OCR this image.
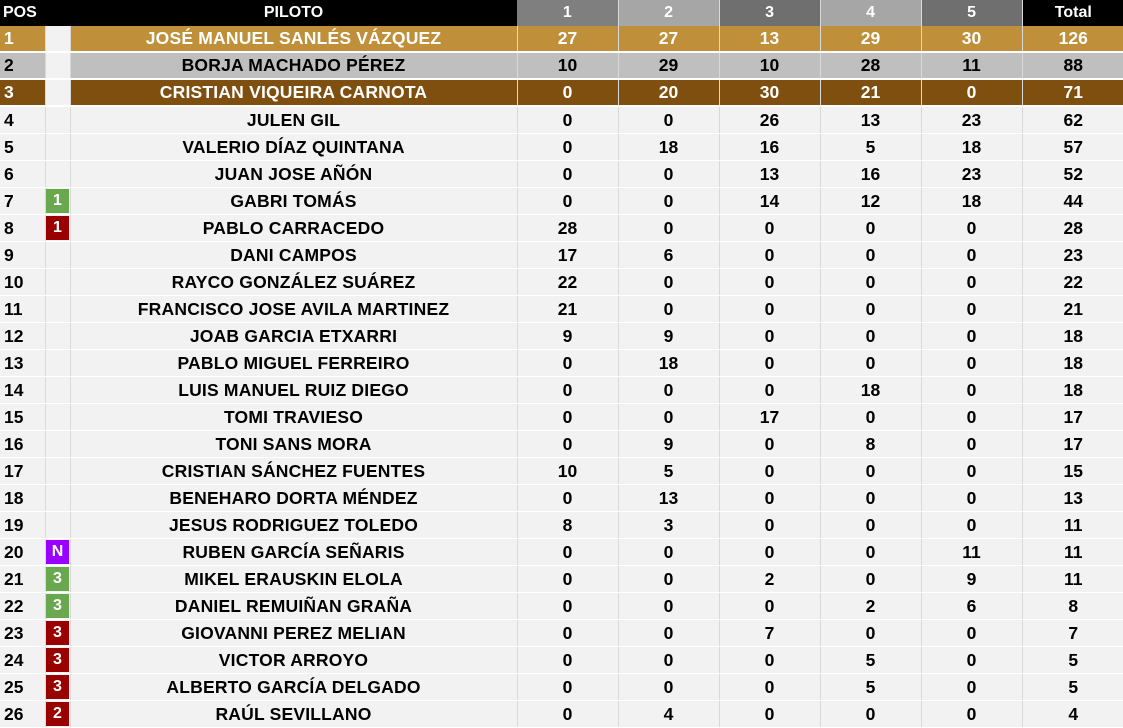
POS		PILOTO	1	2	3	4	5	Total
1		JOSÉ MANUEL SANLÉS VÁZQUEZ	27	27	13	29	30	126
2		BORJA MACHADO PÉREZ	10	29	10	28	11	88
3		CRISTIAN VIQUEIRA CARNOTA	0	20	30	21	0	71
4		JULEN GIL	0	0	26	13	23	62
5		VALERIO DÍAZ QUINTANA	0	18	16	5	18	57
6		JUAN JOSE AÑÓN	0	0	13	16	23	52
7	1	GABRI TOMÁS	0	0	14	12	18	44
8	1	PABLO CARRACEDO	28	0	0	0	0	28
9		DANI CAMPOS	17	6	0	0	0	23
10		RAYCO GONZÁLEZ SUÁREZ	22	0	0	0	0	22
11		FRANCISCO JOSE AVILA MARTINEZ	21	0	0	0	0	21
12		JOAB GARCIA ETXARRI	9	9	0	0	0	18
13		PABLO MIGUEL FERREIRO	0	18	0	0	0	18
14		LUIS MANUEL RUIZ DIEGO	0	0	0	18	0	18
15		TOMI TRAVIESO	0	0	17	0	0	17
16		TONI SANS MORA	0	9	0	8	0	17
17		CRISTIAN SÁNCHEZ FUENTES	10	5	0	0	0	15
18		BENEHARO DORTA MÉNDEZ	0	13	0	0	0	13
19		JESUS RODRIGUEZ TOLEDO	8	3	0	0	0	11
20	N	RUBEN GARCÍA SEÑARIS	0	0	0	0	11	11
21	3	MIKEL ERAUSKIN ELOLA	0	0	2	0	9	11
22	3	DANIEL REMUIÑAN GRAÑA	0	0	0	2	6	8
23	3	GIOVANNI PEREZ MELIAN	0	0	7	0	0	7
24	3	VICTOR ARROYO	0	0	0	5	0	5
25	3	ALBERTO GARCÍA DELGADO	0	0	0	5	0	5
26	2	RAÚL SEVILLANO	0	4	0	0	0	4
